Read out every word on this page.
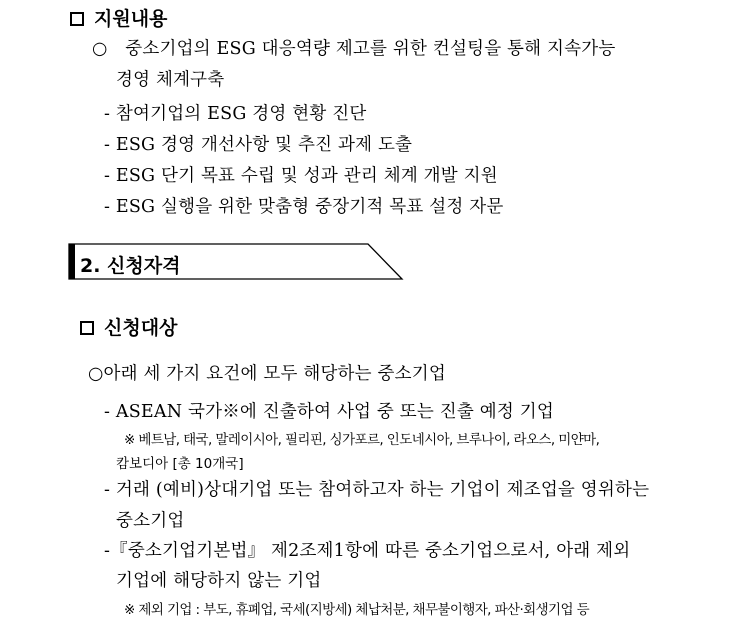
지원내용
○ 중소기업의 ESG 대응역량 제고를 위한 컨설팅을 통해 지속가능
경영 체계구축
- 참여기업의 ESG 경영 현황 진단
- ESG 경영 개선사항 및 추진 과제 도출
- ESG 단기 목표 수립 및 성과 관리 체계 개발 지원
- ESG 실행을 위한 맞춤형 중장기적 목표 설정 자문
2. 신청자격
신청대상
○아래 세 가지 요건에 모두 해당하는 중소기업
- ASEAN 국가※에 진출하여 사업 중 또는 진출 예정 기업
※ 베트남, 태국, 말레이시아, 필리핀, 싱가포르, 인도네시아, 브루나이, 라오스, 미얀마,
캄보디아 [총 10개국]
- 거래 (예비)상대기업 또는 참여하고자 하는 기업이 제조업을 영위하는
중소기업
-『중소기업기본법』 제2조제1항에 따른 중소기업으로서, 아래 제외
기업에 해당하지 않는 기업
※ 제외 기업 : 부도, 휴폐업, 국세(지방세) 체납처분, 채무불이행자, 파산·회생기업 등
